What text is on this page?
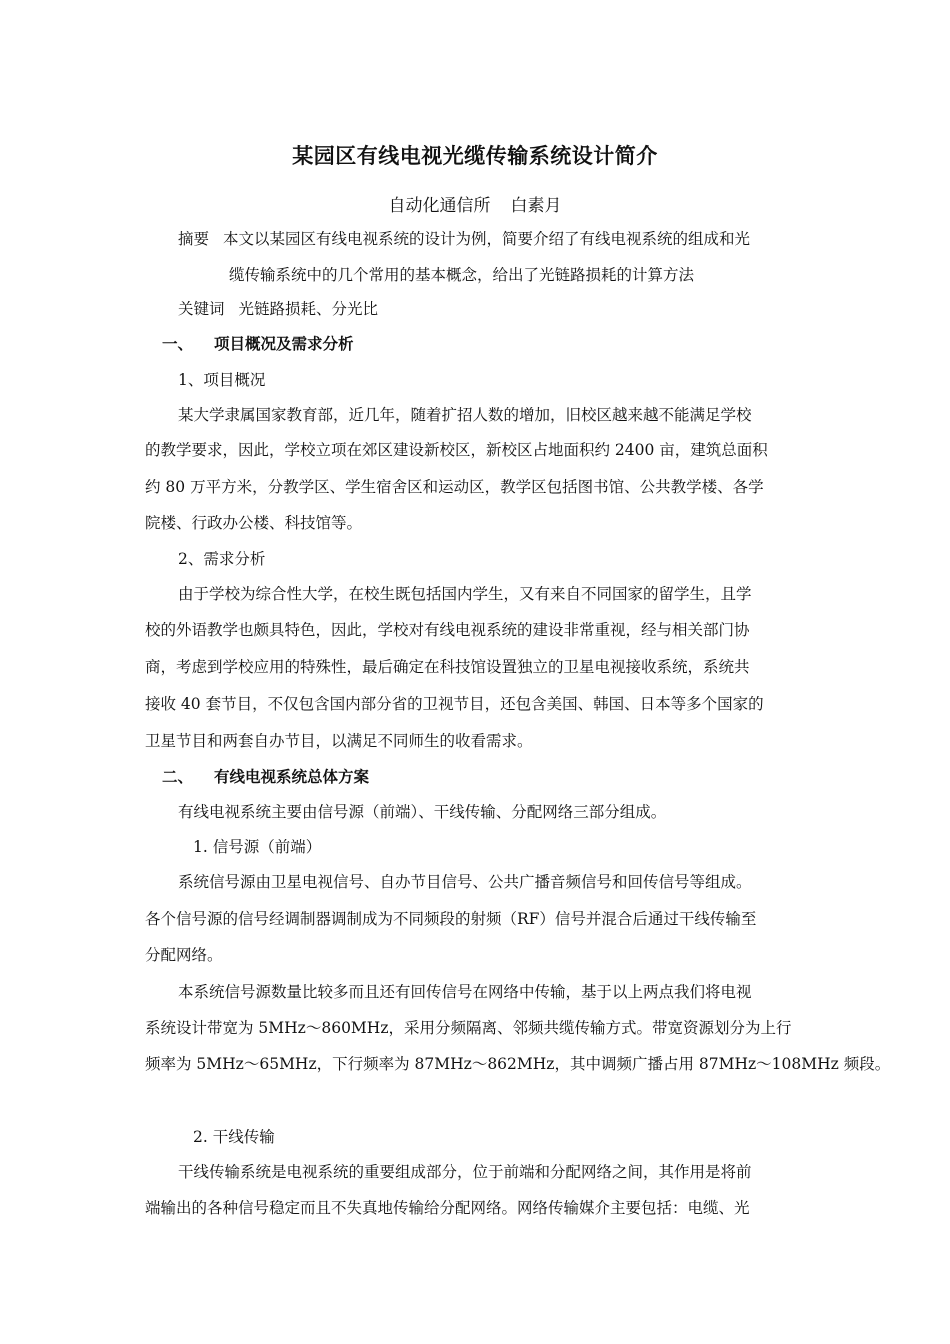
某园区有线电视光缆传输系统设计简介
自动化通信所 白素月
摘要 本文以某园区有线电视系统的设计为例，简要介绍了有线电视系统的组成和光
缆传输系统中的几个常用的基本概念，给出了光链路损耗的计算方法
关键词 光链路损耗、分光比
一、 项目概况及需求分析
1、项目概况
某大学隶属国家教育部，近几年，随着扩招人数的增加，旧校区越来越不能满足学校
的教学要求，因此，学校立项在郊区建设新校区，新校区占地面积约 2400 亩，建筑总面积
约 80 万平方米，分教学区、学生宿舍区和运动区，教学区包括图书馆、公共教学楼、各学
院楼、行政办公楼、科技馆等。
2、需求分析
由于学校为综合性大学，在校生既包括国内学生，又有来自不同国家的留学生，且学
校的外语教学也颇具特色，因此，学校对有线电视系统的建设非常重视，经与相关部门协
商，考虑到学校应用的特殊性，最后确定在科技馆设置独立的卫星电视接收系统，系统共
接收 40 套节目，不仅包含国内部分省的卫视节目，还包含美国、韩国、日本等多个国家的
卫星节目和两套自办节目，以满足不同师生的收看需求。
二、 有线电视系统总体方案
有线电视系统主要由信号源（前端）、干线传输、分配网络三部分组成。
1. 信号源（前端）
系统信号源由卫星电视信号、自办节目信号、公共广播音频信号和回传信号等组成。
各个信号源的信号经调制器调制成为不同频段的射频（RF）信号并混合后通过干线传输至
分配网络。
本系统信号源数量比较多而且还有回传信号在网络中传输，基于以上两点我们将电视
系统设计带宽为 5MHz～860MHz，采用分频隔离、邻频共缆传输方式。带宽资源划分为上行
频率为 5MHz～65MHz，下行频率为 87MHz～862MHz，其中调频广播占用 87MHz～108MHz 频段。
2. 干线传输
干线传输系统是电视系统的重要组成部分，位于前端和分配网络之间，其作用是将前
端输出的各种信号稳定而且不失真地传输给分配网络。网络传输媒介主要包括：电缆、光
